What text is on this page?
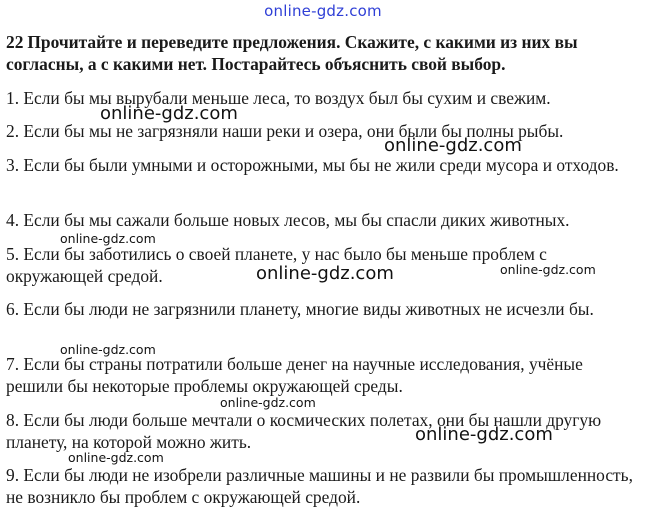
online-gdz.com

22 Прочитайте и переведите предложения. Скажите, с какими из них вы согласны, а с какими нет. Постарайтесь объяснить свой выбор.

1. Если бы мы вырубали меньше леса, то воздух был бы сухим и свежим.

2. Если бы мы не загрязняли наши реки и озера, они были бы полны рыбы.

3. Если бы были умными и осторожными, мы бы не жили среди мусора и отходов.

4. Если бы мы сажали больше новых лесов, мы бы спасли диких животных.

5. Если бы заботились о своей планете, у нас было бы меньше проблем с окружающей средой.

6. Если бы люди не загрязнили планету, многие виды животных не исчезли бы.

7. Если бы страны потратили больше денег на научные исследования, учёные решили бы некоторые проблемы окружающей среды.

8. Если бы люди больше мечтали о космических полетах, они бы нашли другую планету, на которой можно жить.

9. Если бы люди не изобрели различные машины и не развили бы промышленность, не возникло бы проблем с окружающей средой.

online-gdz.com
online-gdz.com
online-gdz.com
online-gdz.com	online-gdz.com
online-gdz.com
online-gdz.com
online-gdz.com
online-gdz.com
